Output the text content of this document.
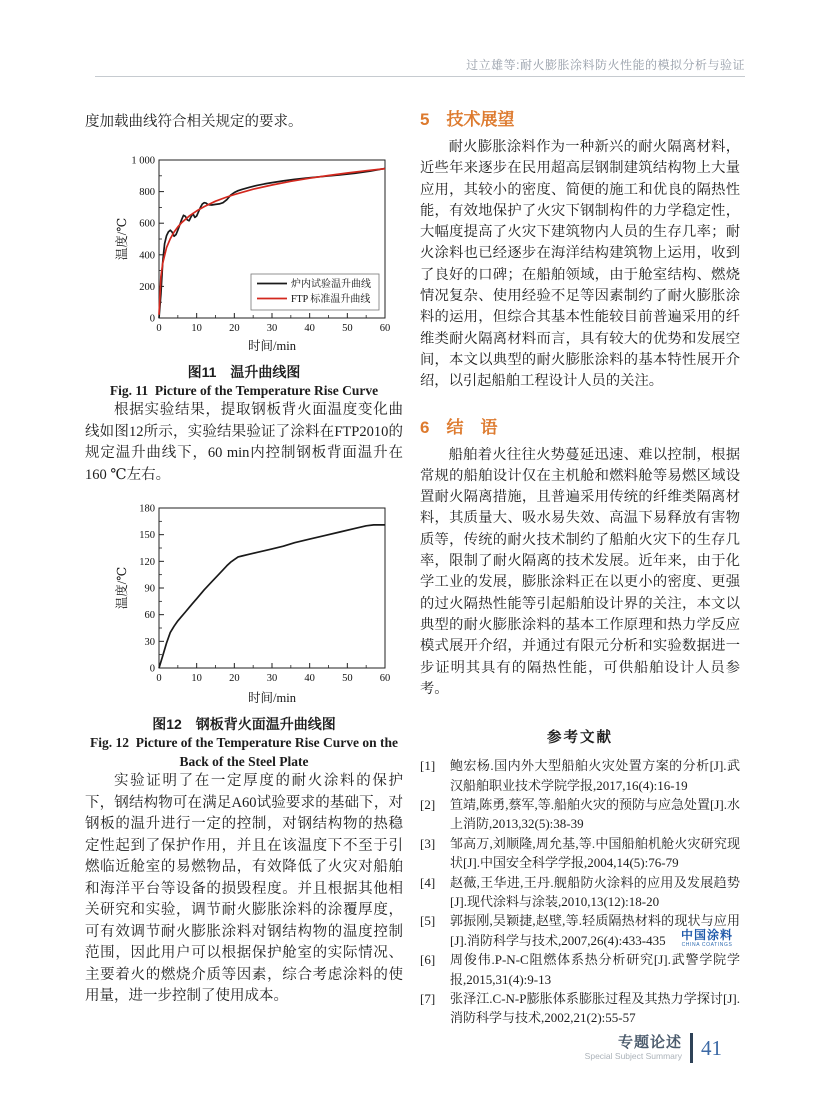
过立雄等:耐火膨胀涂料防火性能的模拟分析与验证

度加载曲线符合相关规定的要求。

0	10	20	30	40	50	60
0
200
400
600
800
1 000
时间/min
温度/℃
炉内试验温升曲线
FTP 标准温升曲线
图11　温升曲线图
Fig. 11  Picture of the Temperature Rise Curve

根据实验结果，提取钢板背火面温度变化曲线如图12所示，实验结果验证了涂料在FTP2010的规定温升曲线下，60 min内控制钢板背面温升在160 ℃左右。

0	10	20	30	40	50	60
0
30
60
90
120
150
180
时间/min
温度/℃
图12　钢板背火面温升曲线图
Fig. 12  Picture of the Temperature Rise Curve on the
Back of the Steel Plate

实验证明了在一定厚度的耐火涂料的保护下，钢结构物可在满足A60试验要求的基础下，对钢板的温升进行一定的控制，对钢结构物的热稳定性起到了保护作用，并且在该温度下不至于引燃临近舱室的易燃物品，有效降低了火灾对船舶和海洋平台等设备的损毁程度。并且根据其他相关研究和实验，调节耐火膨胀涂料的涂覆厚度，可有效调节耐火膨胀涂料对钢结构物的温度控制范围，因此用户可以根据保护舱室的实际情况、主要着火的燃烧介质等因素，综合考虑涂料的使用量，进一步控制了使用成本。

5　技术展望

耐火膨胀涂料作为一种新兴的耐火隔离材料，近些年来逐步在民用超高层钢制建筑结构物上大量应用，其较小的密度、简便的施工和优良的隔热性能，有效地保护了火灾下钢制构件的力学稳定性，大幅度提高了火灾下建筑物内人员的生存几率；耐火涂料也已经逐步在海洋结构建筑物上运用，收到了良好的口碑；在船舶领域，由于舱室结构、燃烧情况复杂、使用经验不足等因素制约了耐火膨胀涂料的运用，但综合其基本性能较目前普遍采用的纤维类耐火隔离材料而言，具有较大的优势和发展空间，本文以典型的耐火膨胀涂料的基本特性展开介绍，以引起船舶工程设计人员的关注。

6　结　语

船舶着火往往火势蔓延迅速、难以控制，根据常规的船舶设计仅在主机舱和燃料舱等易燃区域设置耐火隔离措施，且普遍采用传统的纤维类隔离材料，其质量大、吸水易失效、高温下易释放有害物质等，传统的耐火技术制约了船舶火灾下的生存几率，限制了耐火隔离的技术发展。近年来，由于化学工业的发展，膨胀涂料正在以更小的密度、更强的过火隔热性能等引起船舶设计界的关注，本文以典型的耐火膨胀涂料的基本工作原理和热力学反应模式展开介绍，并通过有限元分析和实验数据进一步证明其具有的隔热性能，可供船舶设计人员参考。

参考文献
[1]	鲍宏杨.国内外大型船舶火灾处置方案的分析[J].武汉船舶职业技术学院学报,2017,16(4):16-19
[2]	笪靖,陈勇,蔡军,等.船舶火灾的预防与应急处置[J].水上消防,2013,32(5):38-39
[3]	邹高万,刘顺隆,周允基,等.中国船舶机舱火灾研究现状[J].中国安全科学学报,2004,14(5):76-79
[4]	赵薇,王华进,王丹.舰船防火涂料的应用及发展趋势[J].现代涂料与涂装,2010,13(12):18-20
[5]	郭振刚,吴颖捷,赵壁,等.轻质隔热材料的现状与应用[J].消防科学与技术,2007,26(4):433-435
[6]	周俊伟.P-N-C阻燃体系热分析研究[J].武警学院学报,2015,31(4):9-13
[7]	张泽江.C-N-P膨胀体系膨胀过程及其热力学探讨[J].消防科学与技术,2002,21(2):55-57
中国涂料
CHINA COATINGS
专题论述
Special Subject Summary 41
